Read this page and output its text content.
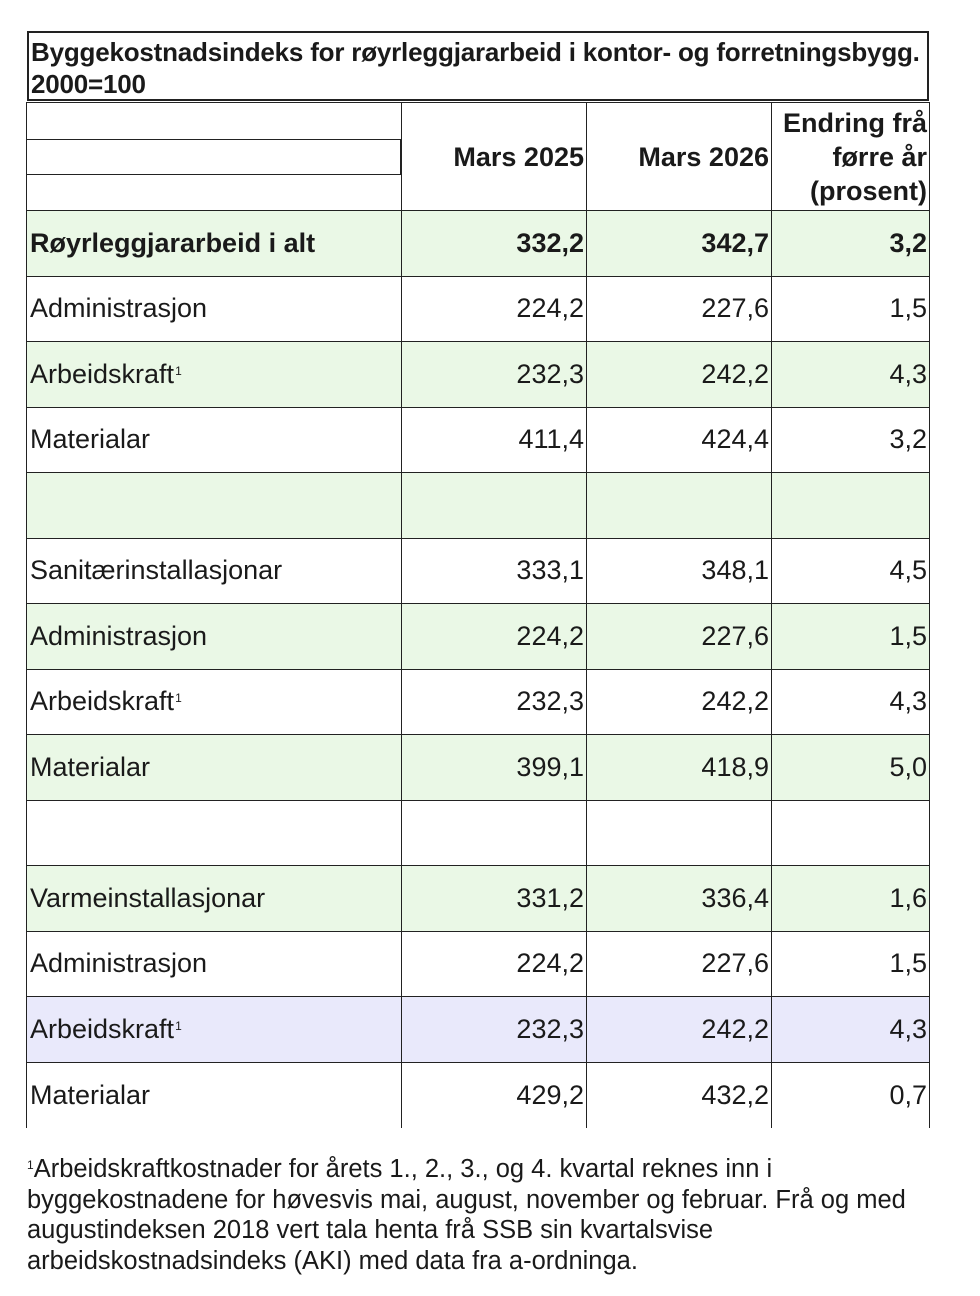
Byggekostnadsindeks for røyrleggjararbeid i kontor- og forretningsbygg. 2000=100
	Mars 2025	Mars 2026	Endring frå
førre år
(prosent)

Røyrleggjararbeid i alt	332,2	342,7	3,2
Administrasjon	224,2	227,6	1,5
Arbeidskraft$^1$	232,3	242,2	4,3
Materialar	411,4	424,4	3,2

Sanitærinstallasjonar	333,1	348,1	4,5
Administrasjon	224,2	227,6	1,5
Arbeidskraft$^1$	232,3	242,2	4,3
Materialar	399,1	418,9	5,0

Varmeinstallasjonar	331,2	336,4	1,6
Administrasjon	224,2	227,6	1,5
Arbeidskraft$^1$	232,3	242,2	4,3
Materialar	429,2	432,2	0,7
$^1$Arbeidskraftkostnader for årets 1., 2., 3., og 4. kvartal reknes inn i byggekostnadene for høvesvis mai, august, november og februar. Frå og med augustindeksen 2018 vert tala henta frå SSB sin kvartalsvise arbeidskostnadsindeks (AKI) med data fra a-ordninga.
